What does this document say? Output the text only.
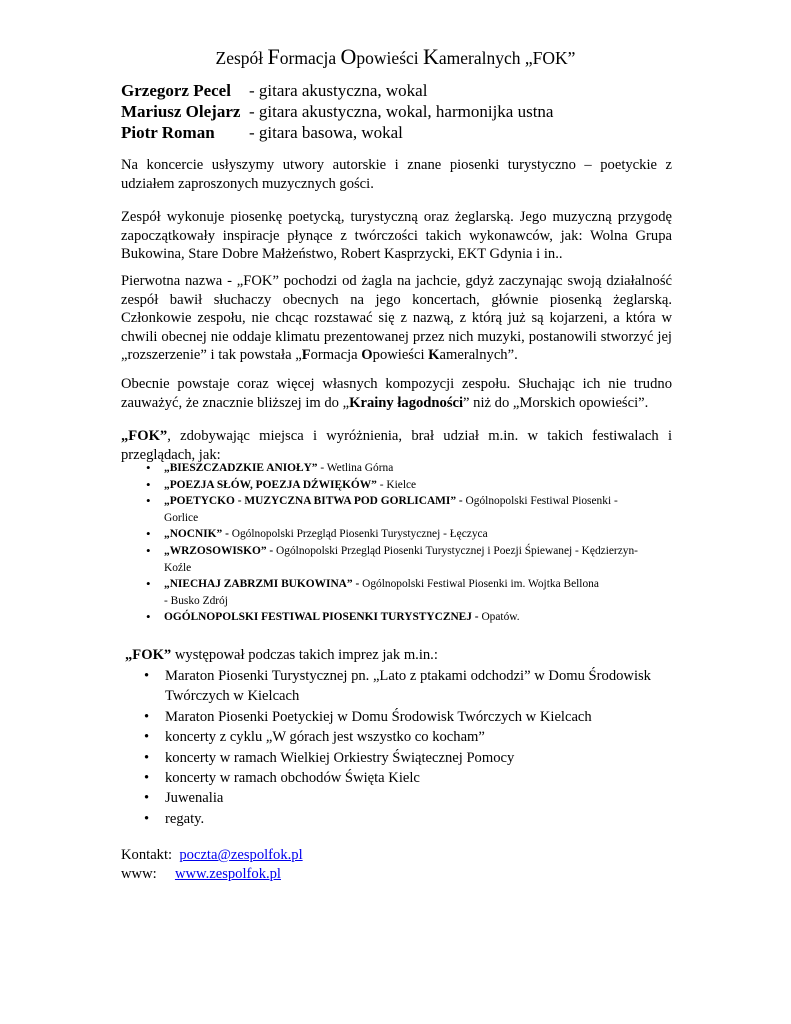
Zespół Formacja Opowieści Kameralnych „FOK”
Grzegorz Pecel	- gitara akustyczna, wokal
Mariusz Olejarz - gitara akustyczna, wokal, harmonijka ustna
Piotr Roman	- gitara basowa, wokal
Na koncercie usłyszymy utwory autorskie i znane piosenki turystyczno – poetyckie z udziałem zaproszonych muzycznych gości.
Zespół wykonuje piosenkę poetycką, turystyczną oraz żeglarską. Jego muzyczną przygodę zapoczątkowały inspiracje płynące z twórczości takich wykonawców, jak: Wolna Grupa Bukowina, Stare Dobre Małżeństwo, Robert Kasprzycki, EKT Gdynia i in..
Pierwotna nazwa - „FOK” pochodzi od żagla na jachcie, gdyż zaczynając swoją działalność zespół bawił słuchaczy obecnych na jego koncertach, głównie piosenką żeglarską. Członkowie zespołu, nie chcąc rozstawać się z nazwą, z którą już są kojarzeni, a która w chwili obecnej nie oddaje klimatu prezentowanej przez nich muzyki, postanowili stworzyć jej „rozszerzenie” i tak powstała „Formacja Opowieści Kameralnych”.
Obecnie powstaje coraz więcej własnych kompozycji zespołu. Słuchając ich nie trudno zauważyć, że znacznie bliższej im do „Krainy łagodności” niż do „Morskich opowieści”.
„FOK”, zdobywając miejsca i wyróżnienia, brał udział m.in. w takich festiwalach i przeglądach, jak:
• „BIESZCZADZKIE ANIOŁY” - Wetlina Górna
• „POEZJA SŁÓW, POEZJA DŹWIĘKÓW” - Kielce
• „POETYCKO - MUZYCZNA BITWA POD GORLICAMI” - Ogólnopolski Festiwal Piosenki -
Gorlice
• „NOCNIK” - Ogólnopolski Przegląd Piosenki Turystycznej - Łęczyca
• „WRZOSOWISKO” - Ogólnopolski Przegląd Piosenki Turystycznej i Poezji Śpiewanej - Kędzierzyn-
Koźle
• „NIECHAJ ZABRZMI BUKOWINA” - Ogólnopolski Festiwal Piosenki im. Wojtka Bellona
- Busko Zdrój
• OGÓLNOPOLSKI FESTIWAL PIOSENKI TURYSTYCZNEJ - Opatów.
„FOK” występował podczas takich imprez jak m.in.:
• Maraton Piosenki Turystycznej pn. „Lato z ptakami odchodzi” w Domu Środowisk Twórczych w Kielcach
• Maraton Piosenki Poetyckiej w Domu Środowisk Twórczych w Kielcach
• koncerty z cyklu „W górach jest wszystko co kocham”
• koncerty w ramach Wielkiej Orkiestry Świątecznej Pomocy
• koncerty w ramach obchodów Święta Kielc
• Juwenalia
• regaty.
Kontakt: poczta@zespolfok.pl
www: www.zespolfok.pl
